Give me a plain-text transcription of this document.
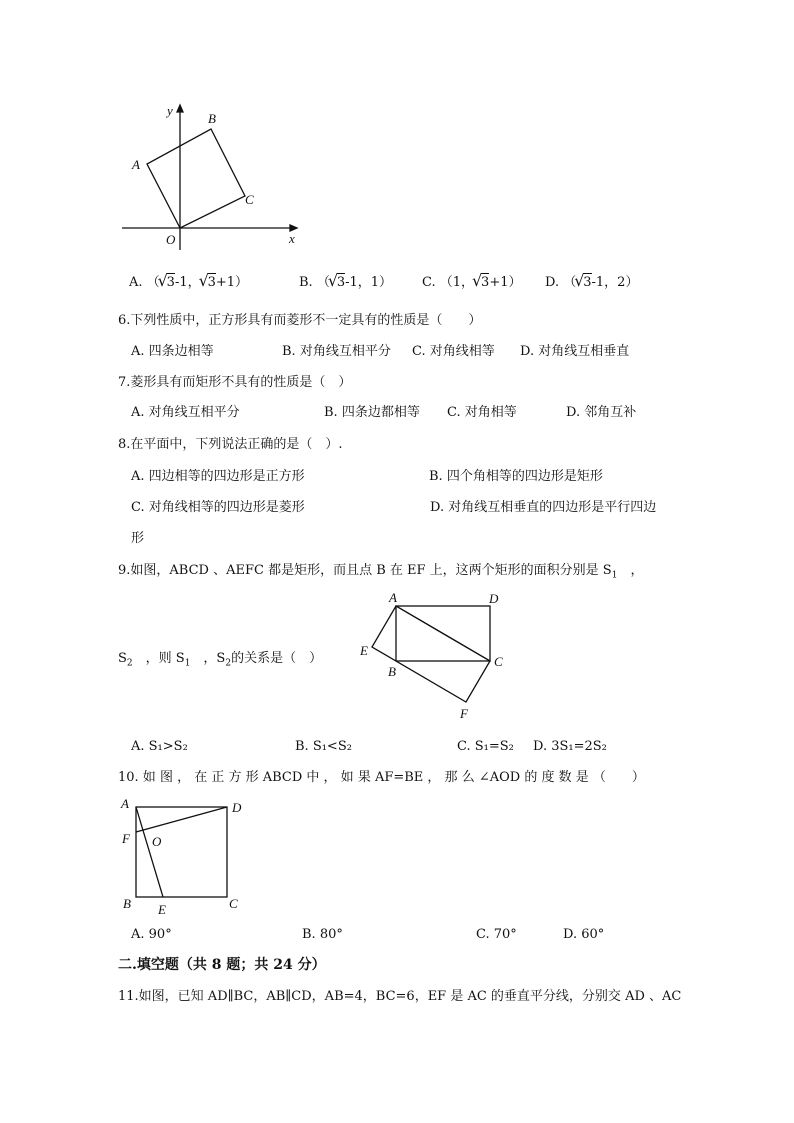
y
B
A
C
O	x
A. （ √ 3-1， √ 3+1）	B. （ √ 3-1，1） C. （1， √ 3+1） D. （ √ 3-1，2）
6.下列性质中，正方形具有而菱形不一定具有的性质是（　　）
A. 四条边相等	B. 对角线互相平分 C. 对角线相等 D. 对角线互相垂直
7.菱形具有而矩形不具有的性质是（　）
A. 对角线互相平分	B. 四条边都相等 C. 对角相等	D. 邻角互补
8.在平面中，下列说法正确的是（　）.
A. 四边相等的四边形是正方形	B. 四个角相等的四边形是矩形
C. 对角线相等的四边形是菱形	D. 对角线互相垂直的四边形是平行四边
形
9.如图，ABCD 、AEFC 都是矩形，而且点 B 在 EF 上，这两个矩形的面积分别是 $S_1$　，
$S_2$　，则 $S_1$　，$S_2$的关系是（　）
A	D
E
B
C
F
A. S₁>S₂	B. S₁<S₂	C. S₁=S₂ D. 3S₁=2S₂
10. 如 图 ， 在 正 方 形 ABCD 中 ， 如 果 AF=BE ， 那 么 ∠AOD 的 度 数 是 （　　）
A	D
F O
B E	C
A. 90°	B. 80°	C. 70°	D. 60°
二.填空题（共 8 题；共 24 分）
11.如图，已知 AD∥BC，AB∥CD，AB=4，BC=6，EF 是 AC 的垂直平分线，分别交 AD 、AC
